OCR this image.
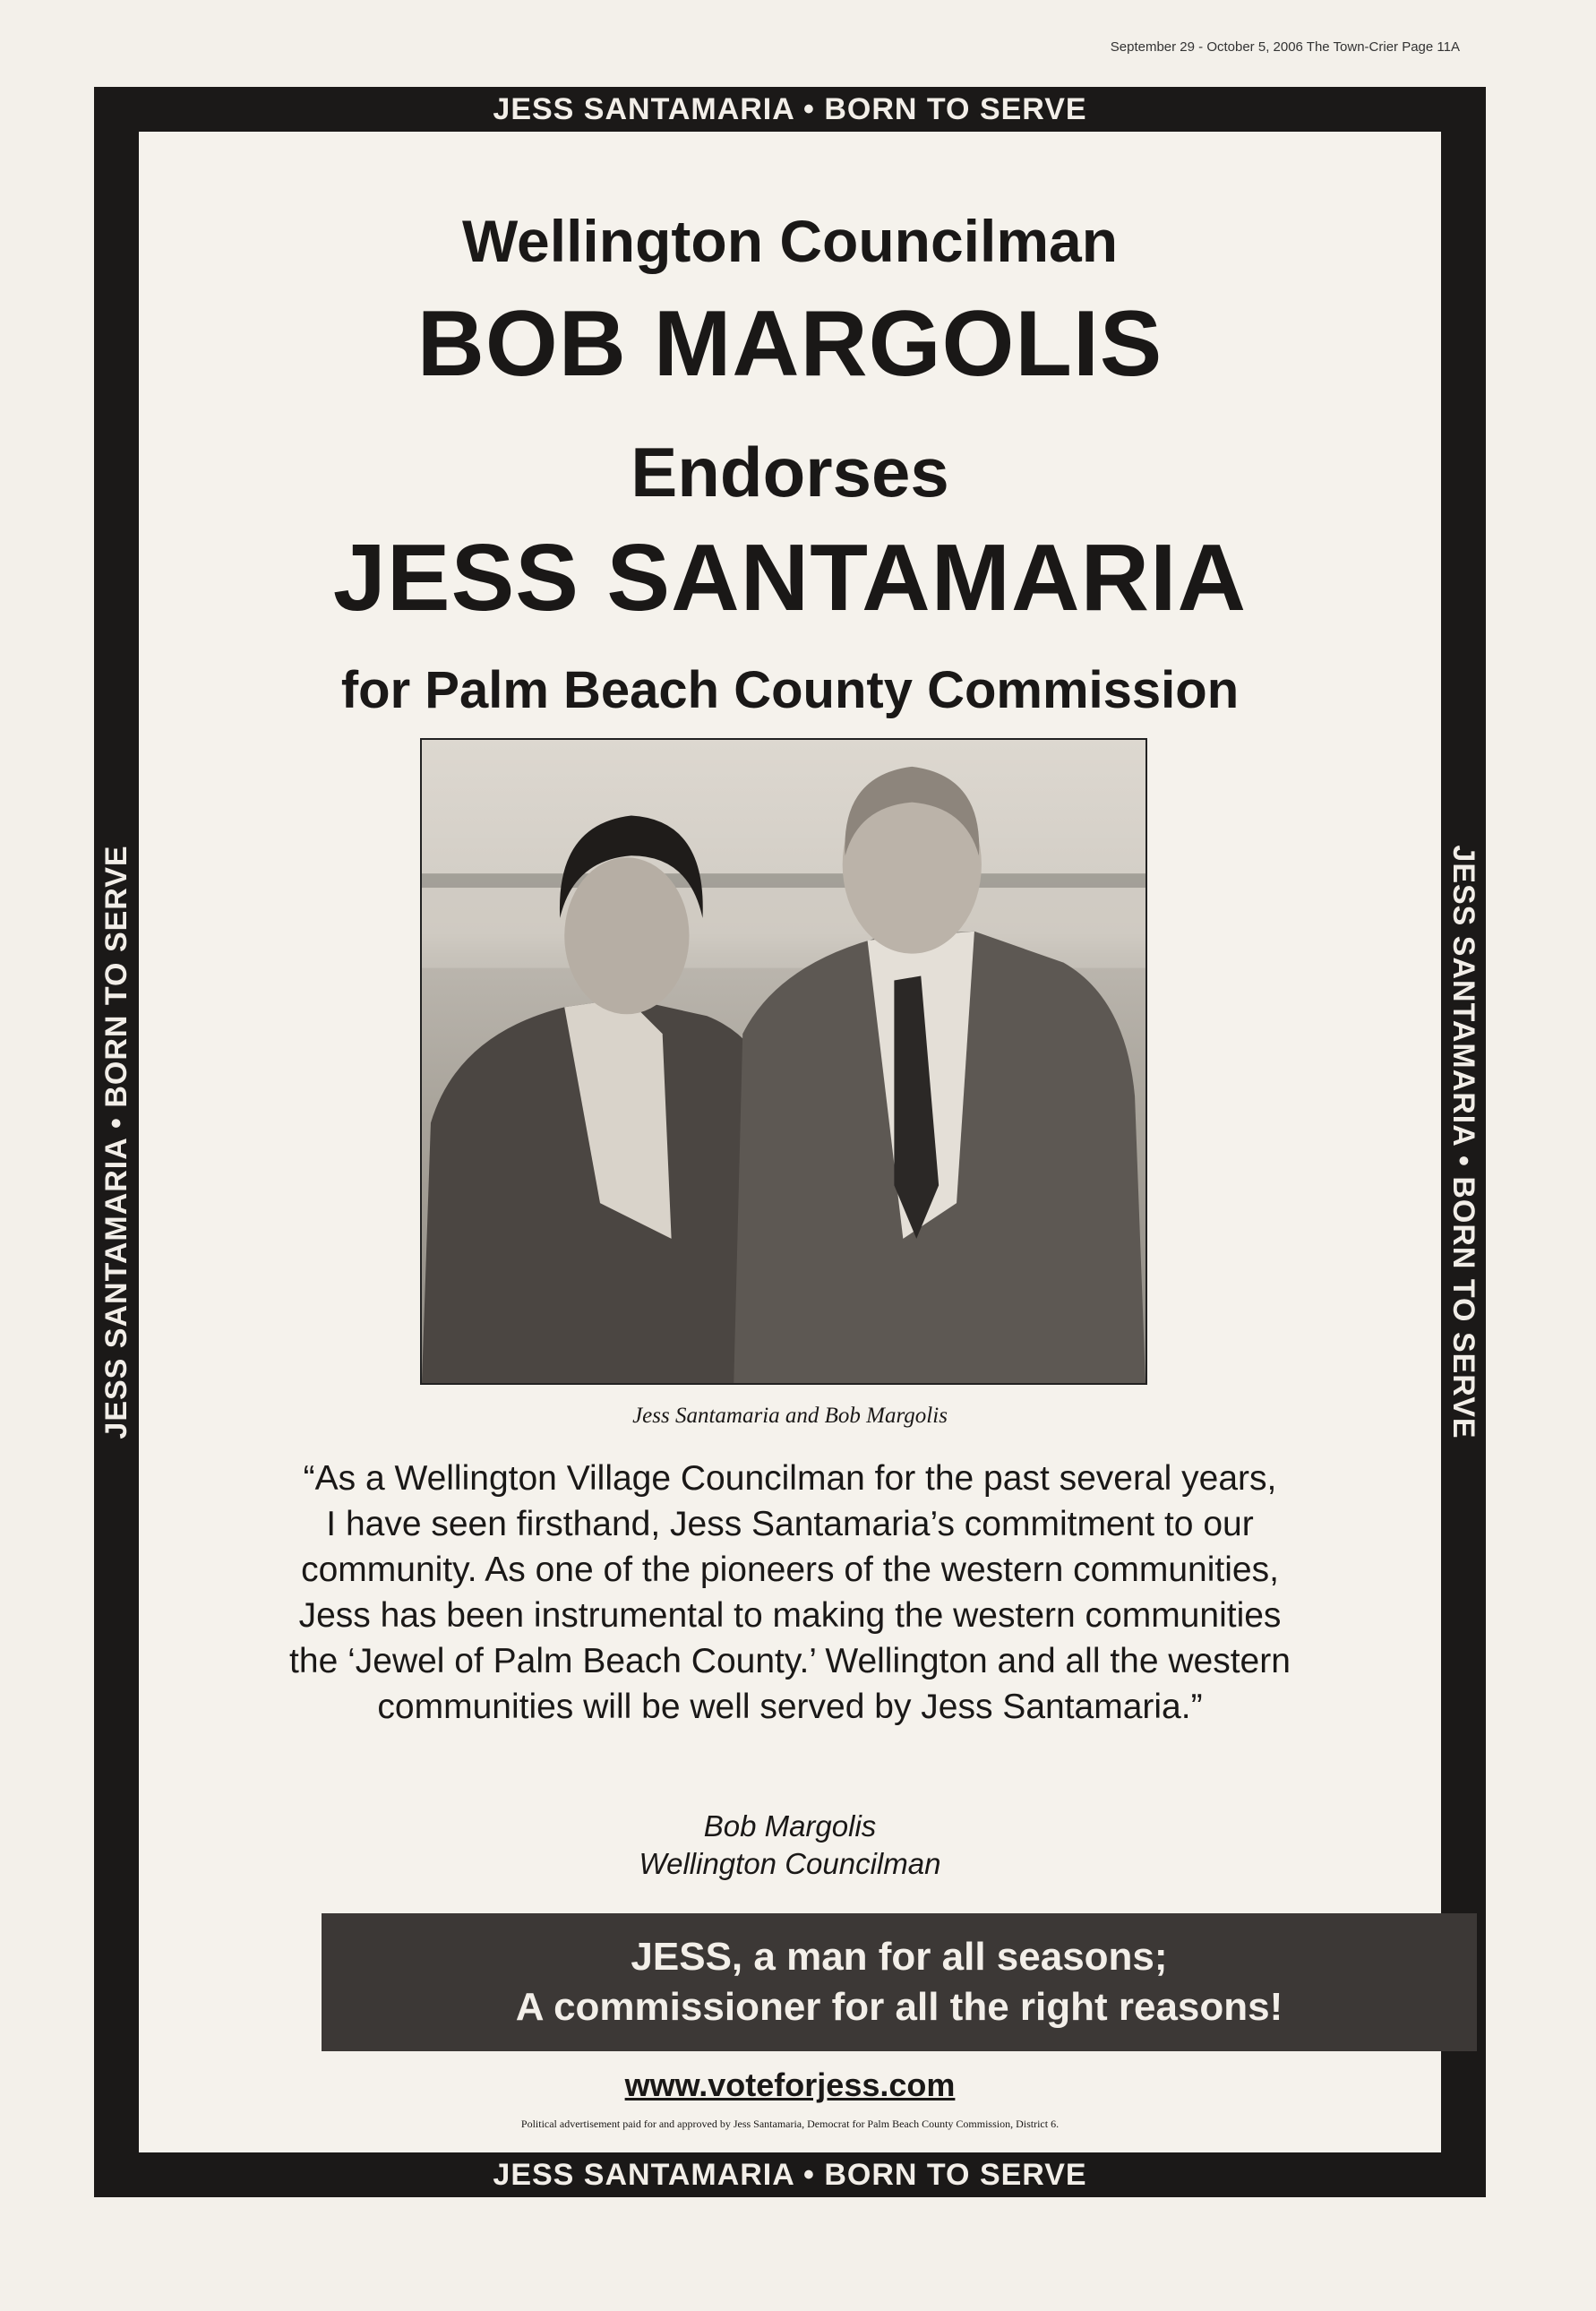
September 29 - October 5, 2006 The Town-Crier Page 11A
JESS SANTAMARIA • BORN TO SERVE
JESS SANTAMARIA • BORN TO SERVE
JESS SANTAMARIA • BORN TO SERVE	JESS SANTAMARIA • BORN TO SERVE
Wellington Councilman
BOB MARGOLIS
Endorses
JESS SANTAMARIA
for Palm Beach County Commission
Jess Santamaria and Bob Margolis

“As a Wellington Village Councilman for the past several years,

I have seen firsthand, Jess Santamaria’s commitment to our

community. As one of the pioneers of the western communities,

Jess has been instrumental to making the western communities

the ‘Jewel of Palm Beach County.’ Wellington and all the western

communities will be well served by Jess Santamaria.”

Bob Margolis
Wellington Councilman
JESS, a man for all seasons;
A commissioner for all the right reasons!
www.voteforjess.com
Political advertisement paid for and approved by Jess Santamaria, Democrat for Palm Beach County Commission, District 6.
